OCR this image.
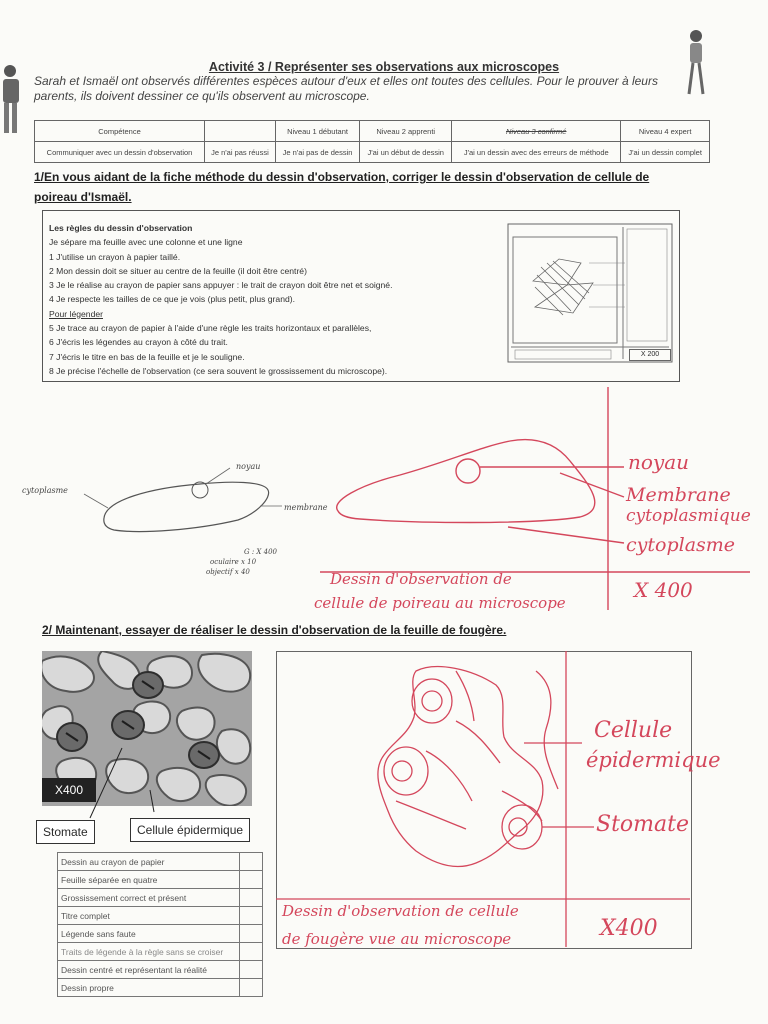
Activité 3 / Représenter ses observations aux microscopes
Sarah et Ismaël ont observés différentes espèces autour d'eux et elles ont toutes des cellules. Pour le prouver à leurs parents, ils doivent dessiner ce qu'ils observent au microscope.
Compétence		Niveau 1 débutant	Niveau 2 apprenti	Niveau 3 confirmé	Niveau 4 expert
Communiquer avec un dessin d'observation	Je n'ai pas réussi	Je n'ai pas de dessin	J'ai un début de dessin	J'ai un dessin avec des erreurs de méthode	J'ai un dessin complet
1/En vous aidant de la fiche méthode du dessin d'observation, corriger le dessin d'observation de cellule de
poireau d'Ismaël.
Les règles du dessin d'observation
Je sépare ma feuille avec une colonne et une ligne
1 J'utilise un crayon à papier taillé.
2 Mon dessin doit se situer au centre de la feuille (il doit être centré)
3 Je le réalise au crayon de papier sans appuyer : le trait de crayon doit être net et soigné.
4 Je respecte les tailles de ce que je vois (plus petit, plus grand).
Pour légender
5 Je trace au crayon de papier à l'aide d'une règle les traits horizontaux et parallèles,
6 J'écris les légendes au crayon à côté du trait.
7 J'écris le titre en bas de la feuille et je le souligne.
8 Je précise l'échelle de l'observation (ce sera souvent le grossissement du microscope).
X 200
noyau
membrane
cytoplasme
G : X 400
oculaire x 10
objectif x 40
noyau
Membrane
cytoplasmique
cytoplasme
Dessin d'observation de
cellule de poireau au microscope
X 400
2/ Maintenant, essayer de réaliser le dessin d'observation de la feuille de fougère.
X400
Stomate	Cellule épidermique
Dessin au crayon de papier	
Feuille séparée en quatre	
Grossissement correct et présent	
Titre complet	
Légende sans faute	
Traits de légende à la règle sans se croiser	
Dessin centré et représentant la réalité	
Dessin propre	
Cellule
épidermique
Stomate
Dessin d'observation de cellule
de fougère vue au microscope	X400
